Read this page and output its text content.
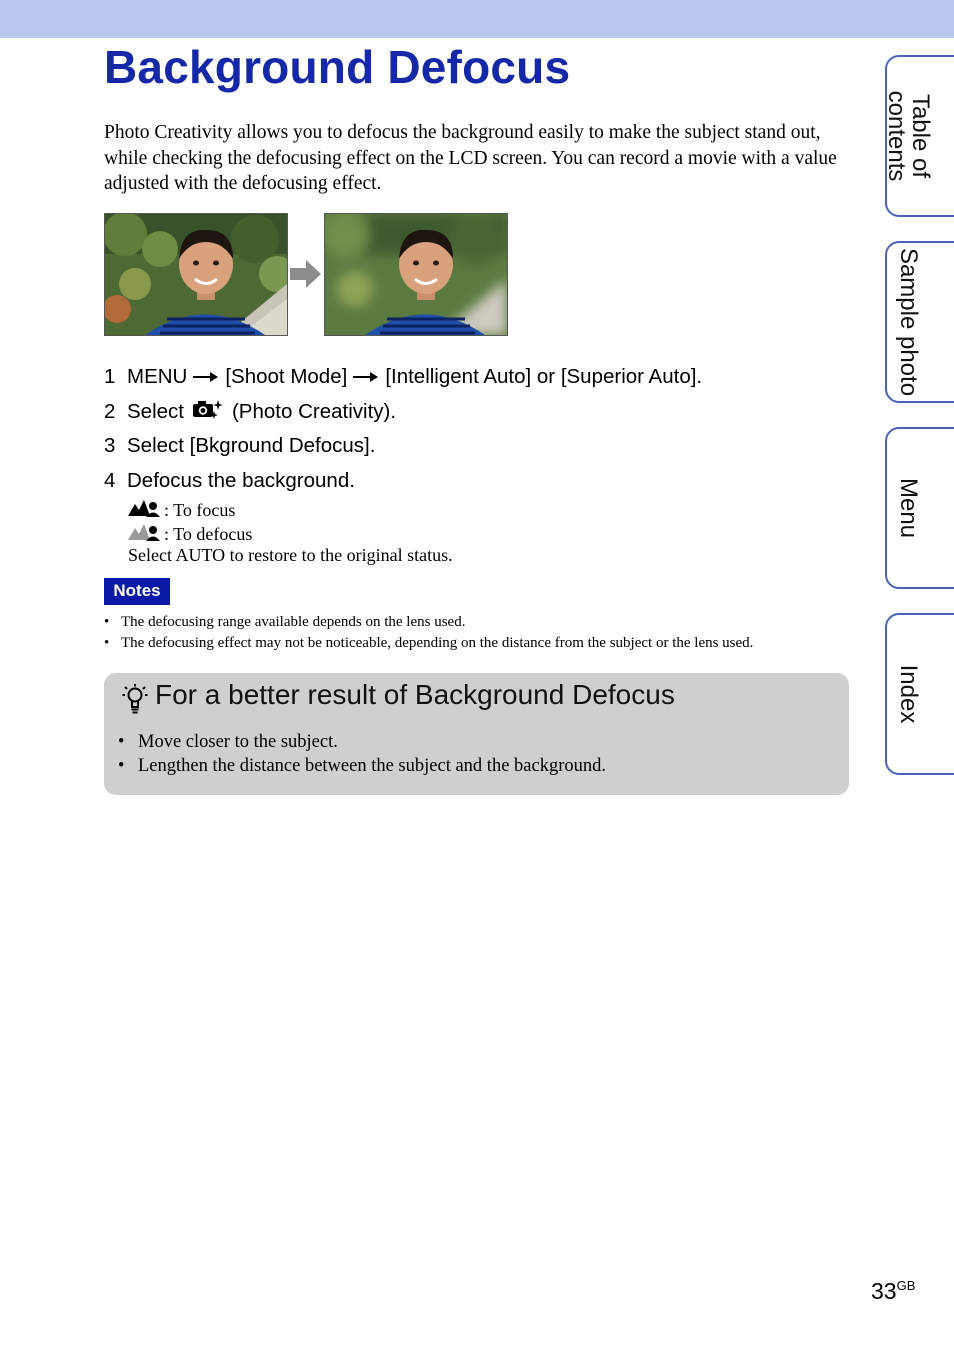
Background Defocus

Photo Creativity allows you to defocus the background easily to make the subject stand out, while checking the defocusing effect on the LCD screen. You can record a movie with a value adjusted with the defocusing effect.

1 MENU [Shoot Mode] [Intelligent Auto] or [Superior Auto].
2 Select (Photo Creativity).
3 Select [Bkground Defocus].
4 Defocus the background.
: To focus
: To defocus
Select AUTO to restore to the original status.
Notes
• The defocusing range available depends on the lens used.
• The defocusing effect may not be noticeable, depending on the distance from the subject or the lens used.
For a better result of Background Defocus
• Move closer to the subject.
• Lengthen the distance between the subject and the background.
Table of
contents
Sample photo
Menu
Index
$33^{GB}$
